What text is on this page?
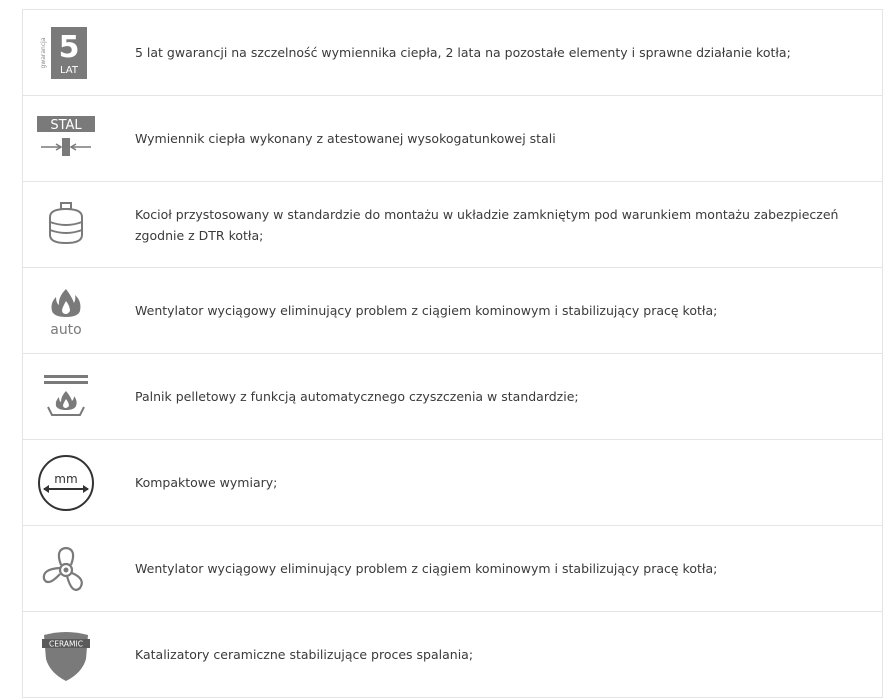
gwarancja 5
LAT
5 lat gwarancji na szczelność wymiennika ciepła, 2 lata na pozostałe elementy i sprawne działanie kotła;
STAL
Wymiennik ciepła wykonany z atestowanej wysokogatunkowej stali
Kocioł przystosowany w standardzie do montażu w układzie zamkniętym pod warunkiem montażu zabezpieczeń zgodnie z DTR kotła;
auto
Wentylator wyciągowy eliminujący problem z ciągiem kominowym i stabilizujący pracę kotła;
Palnik pelletowy z funkcją automatycznego czyszczenia w standardzie;
mm	Kompaktowe wymiary;
Wentylator wyciągowy eliminujący problem z ciągiem kominowym i stabilizujący pracę kotła;
CERAMIC
Katalizatory ceramiczne stabilizujące proces spalania;
